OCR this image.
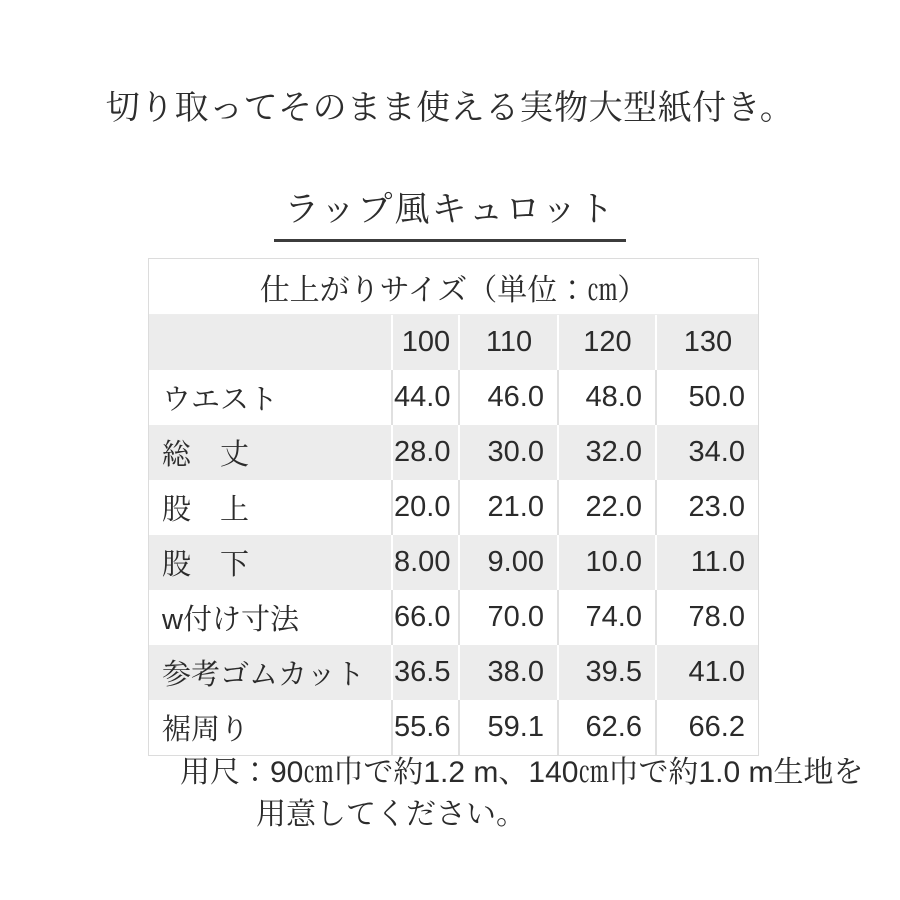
切り取ってそのまま使える実物大型紙付き。
ラップ風キュロット
仕上がりサイズ（単位：㎝）				
	100	110	120	130
ウエスト	44.0	46.0	48.0	50.0
総　丈	28.0	30.0	32.0	34.0
股　上	20.0	21.0	22.0	23.0
股　下	8.00	9.00	10.0	11.0
w付け寸法	66.0	70.0	74.0	78.0
参考ゴムカット	36.5	38.0	39.5	41.0
裾周り	55.6	59.1	62.6	66.2
用尺：90㎝巾で約1.2 m、140㎝巾で約1.0 m生地を
用意してください。
